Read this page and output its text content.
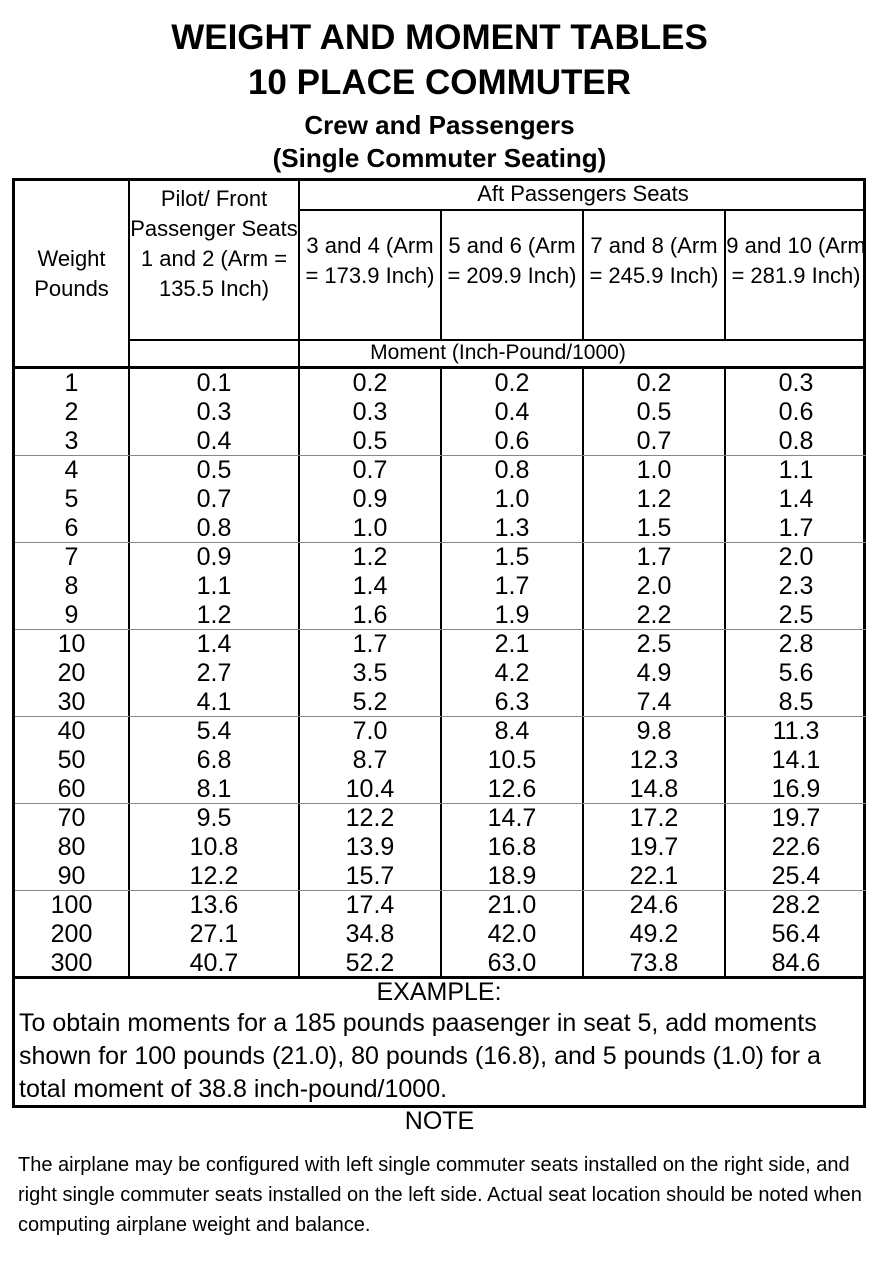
WEIGHT AND MOMENT TABLES
10 PLACE COMMUTER
Crew and Passengers
(Single Commuter Seating)
Weight Pounds
Pilot/ Front Passenger Seats 1 and 2 (Arm = 135.5 Inch)
Aft Passengers Seats
3 and 4 (Arm = 173.9 Inch)
5 and 6 (Arm = 209.9 Inch)
7 and 8 (Arm = 245.9 Inch)
9 and 10 (Arm = 281.9 Inch)
Moment (Inch-Pound/1000)
1	0.1	0.2	0.2	0.2	0.3
2	0.3	0.3	0.4	0.5	0.6
3	0.4	0.5	0.6	0.7	0.8
4	0.5	0.7	0.8	1.0	1.1
5	0.7	0.9	1.0	1.2	1.4
6	0.8	1.0	1.3	1.5	1.7
7	0.9	1.2	1.5	1.7	2.0
8	1.1	1.4	1.7	2.0	2.3
9	1.2	1.6	1.9	2.2	2.5
10	1.4	1.7	2.1	2.5	2.8
20	2.7	3.5	4.2	4.9	5.6
30	4.1	5.2	6.3	7.4	8.5
40	5.4	7.0	8.4	9.8	11.3
50	6.8	8.7	10.5	12.3	14.1
60	8.1	10.4	12.6	14.8	16.9
70	9.5	12.2	14.7	17.2	19.7
80	10.8	13.9	16.8	19.7	22.6
90	12.2	15.7	18.9	22.1	25.4
100	13.6	17.4	21.0	24.6	28.2
200	27.1	34.8	42.0	49.2	56.4
300	40.7	52.2	63.0	73.8	84.6
EXAMPLE:
To obtain moments for a 185 pounds paasenger in seat 5, add moments shown for 100 pounds (21.0), 80 pounds (16.8), and 5 pounds (1.0) for a total moment of 38.8 inch-pound/1000.
NOTE
The airplane may be configured with left single commuter seats installed on the right side, and right single commuter seats installed on the left side. Actual seat location should be noted when computing airplane weight and balance.
